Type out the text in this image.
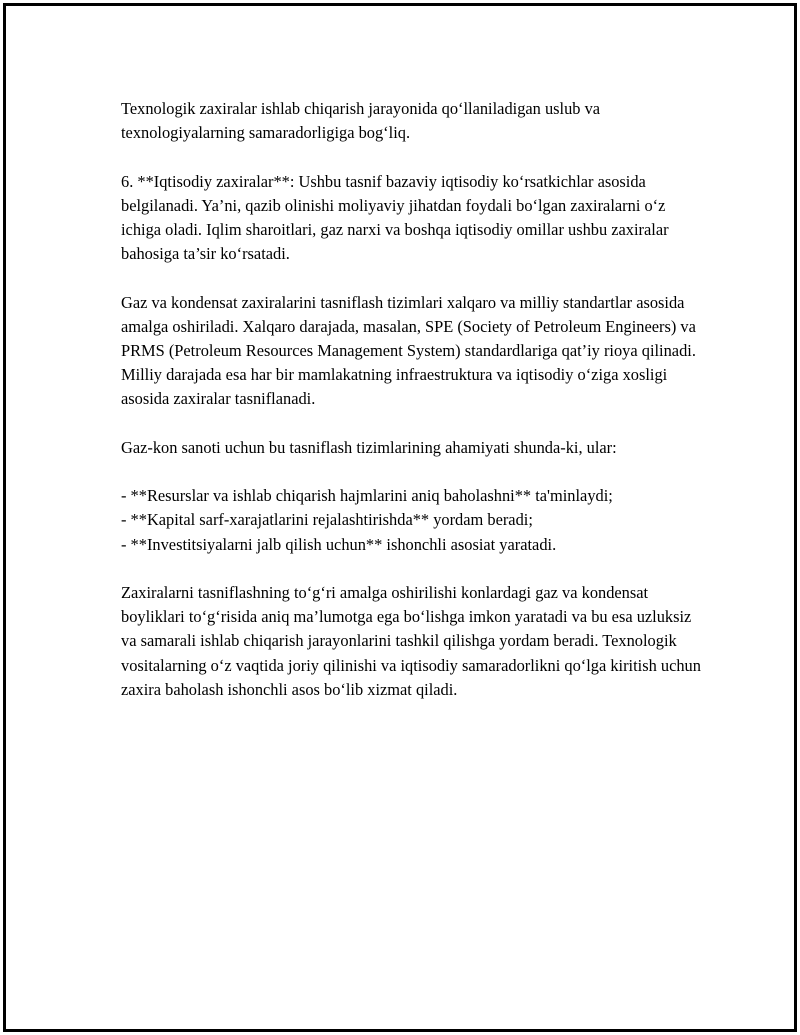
Texnologik zaxiralar ishlab chiqarish jarayonida qo‘llaniladigan uslub va texnologiyalarning samaradorligiga bog‘liq.

6. **Iqtisodiy zaxiralar**: Ushbu tasnif bazaviy iqtisodiy ko‘rsatkichlar asosida belgilanadi. Ya’ni, qazib olinishi moliyaviy jihatdan foydali bo‘lgan zaxiralarni o‘z ichiga oladi. Iqlim sharoitlari, gaz narxi va boshqa iqtisodiy omillar ushbu zaxiralar bahosiga ta’sir ko‘rsatadi.

Gaz va kondensat zaxiralarini tasniflash tizimlari xalqaro va milliy standartlar asosida amalga oshiriladi. Xalqaro darajada, masalan, SPE (Society of Petroleum Engineers) va PRMS (Petroleum Resources Management System) standardlariga qat’iy rioya qilinadi. Milliy darajada esa har bir mamlakatning infraestruktura va iqtisodiy o‘ziga xosligi asosida zaxiralar tasniflanadi.

Gaz-kon sanoti uchun bu tasniflash tizimlarining ahamiyati shunda-ki, ular:

- **Resurslar va ishlab chiqarish hajmlarini aniq baholashni** ta'minlaydi;
- **Kapital sarf-xarajatlarini rejalashtirishda** yordam beradi;
- **Investitsiyalarni jalb qilish uchun** ishonchli asosiat yaratadi.

Zaxiralarni tasniflashning to‘g‘ri amalga oshirilishi konlardagi gaz va kondensat boyliklari to‘g‘risida aniq ma’lumotga ega bo‘lishga imkon yaratadi va bu esa uzluksiz va samarali ishlab chiqarish jarayonlarini tashkil qilishga yordam beradi. Texnologik vositalarning o‘z vaqtida joriy qilinishi va iqtisodiy samaradorlikni qo‘lga kiritish uchun zaxira baholash ishonchli asos bo‘lib xizmat qiladi.
